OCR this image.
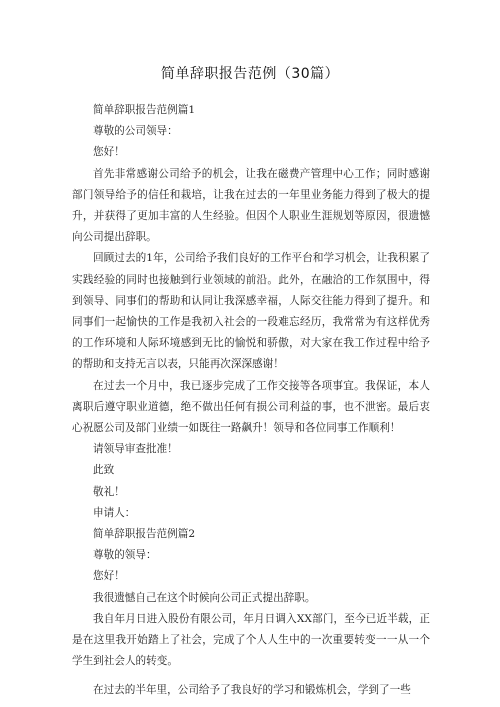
简单辞职报告范例（30篇）

简单辞职报告范例篇1

尊敬的公司领导：

您好！

首先非常感谢公司给予的机会，让我在磁费产管理中心工作；同时感谢部门领导给予的信任和栽培，让我在过去的一年里业务能力得到了极大的提升，并获得了更加丰富的人生经验。但因个人职业生涯规划等原因，很遗憾向公司提出辞职。

回顾过去的1年，公司给予我们良好的工作平台和学习机会，让我积累了实践经验的同时也接触到行业领域的前沿。此外，在融洽的工作氛围中，得到领导、同事们的帮助和认同让我深感幸福，人际交往能力得到了提升。和同事们一起愉快的工作是我初入社会的一段难忘经历，我常常为有这样优秀的工作环境和人际环境感到无比的愉悦和骄傲，对大家在我工作过程中给予的帮助和支持无言以表，只能再次深深感谢！

在过去一个月中，我已逐步完成了工作交接等各项事宜。我保证，本人离职后遵守职业道德，绝不做出任何有损公司利益的事，也不泄密。最后衷心祝愿公司及部门业绩一如既往一路飙升！领导和各位同事工作顺利！

请领导审查批准！

此致

敬礼！

申请人：

简单辞职报告范例篇2

尊敬的领导：

您好！

我很遗憾自己在这个时候向公司正式提出辞职。

我自年月日进入股份有限公司，年月日调入XX部门，至今已近半载，正是在这里我开始踏上了社会，完成了个人人生中的一次重要转变一一从一个学生到社会人的转变。

在过去的半年里，公司给予了我良好的学习和锻炼机会，学到了一些
